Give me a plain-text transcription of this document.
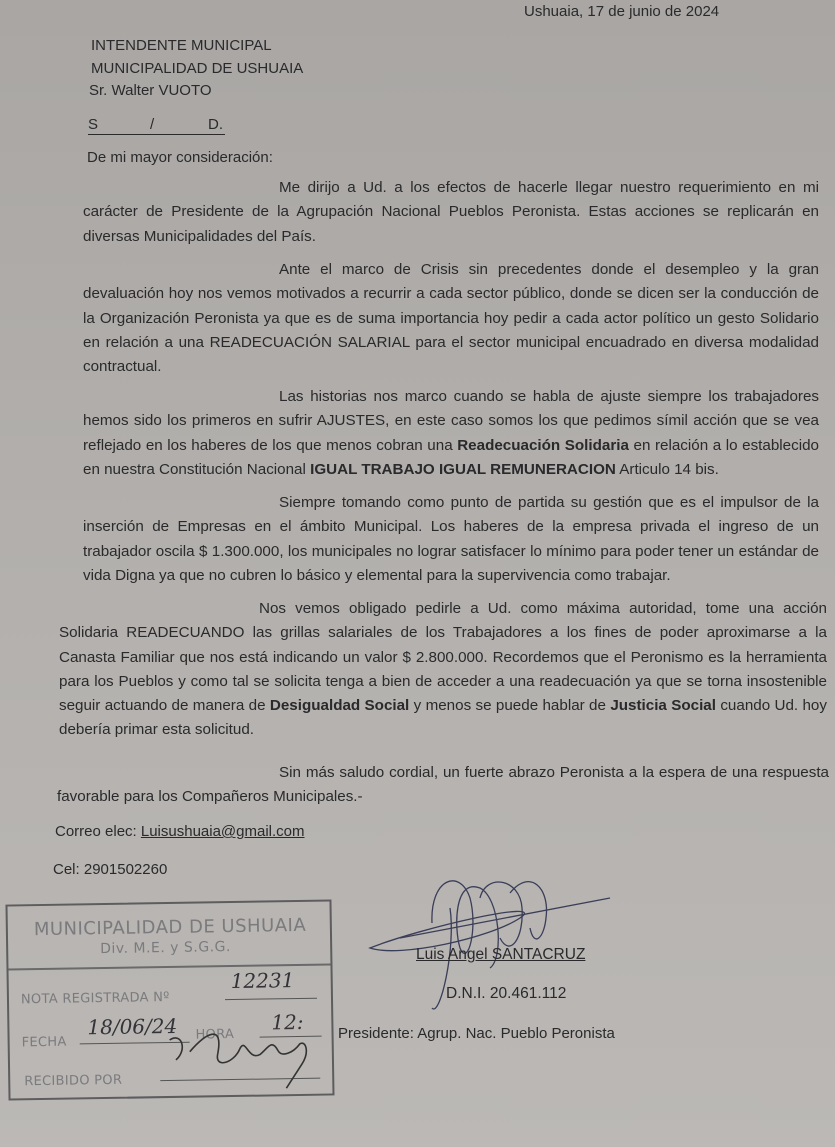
Ushuaia, 17 de junio de 2024
INTENDENTE MUNICIPAL
MUNICIPALIDAD DE USHUAIA
Sr. Walter VUOTO
S	/	D.
De mi mayor consideración:
Me dirijo a Ud. a los efectos de hacerle llegar nuestro requerimiento en mi carácter de Presidente de la Agrupación Nacional Pueblos Peronista. Estas acciones se replicarán en diversas Municipalidades del País.
Ante el marco de Crisis sin precedentes donde el desempleo y la gran devaluación hoy nos vemos motivados a recurrir a cada sector público, donde se dicen ser la conducción de la Organización Peronista ya que es de suma importancia hoy pedir a cada actor político un gesto Solidario en relación a una READECUACIÓN SALARIAL para el sector municipal encuadrado en diversa modalidad contractual.
Las historias nos marco cuando se habla de ajuste siempre los trabajadores hemos sido los primeros en sufrir AJUSTES, en este caso somos los que pedimos símil acción que se vea reflejado en los haberes de los que menos cobran una Readecuación Solidaria en relación a lo establecido en nuestra Constitución Nacional IGUAL TRABAJO IGUAL REMUNERACION Articulo 14 bis.
Siempre tomando como punto de partida su gestión que es el impulsor de la inserción de Empresas en el ámbito Municipal. Los haberes de la empresa privada el ingreso de un trabajador oscila $ 1.300.000, los municipales no lograr satisfacer lo mínimo para poder tener un estándar de vida Digna ya que no cubren lo básico y elemental para la supervivencia como trabajar.
Nos vemos obligado pedirle a Ud. como máxima autoridad, tome una acción Solidaria READECUANDO las grillas salariales de los Trabajadores a los fines de poder aproximarse a la Canasta Familiar que nos está indicando un valor $ 2.800.000. Recordemos que el Peronismo es la herramienta para los Pueblos y como tal se solicita tenga a bien de acceder a una readecuación ya que se torna insostenible seguir actuando de manera de Desigualdad Social y menos se puede hablar de Justicia Social cuando Ud. hoy debería primar esta solicitud.
Sin más saludo cordial, un fuerte abrazo Peronista a la espera de una respuesta favorable para los Compañeros Municipales.-
Correo elec: Luisushuaia@gmail.com
Cel: 2901502260
MUNICIPALIDAD DE USHUAIA
Div. M.E. y S.G.G.
NOTA REGISTRADA Nº
12231
FECHA
18/06/24 HORA
12:
RECIBIDO POR
Luis Angel SANTACRUZ
D.N.I. 20.461.112
Presidente: Agrup. Nac. Pueblo Peronista
